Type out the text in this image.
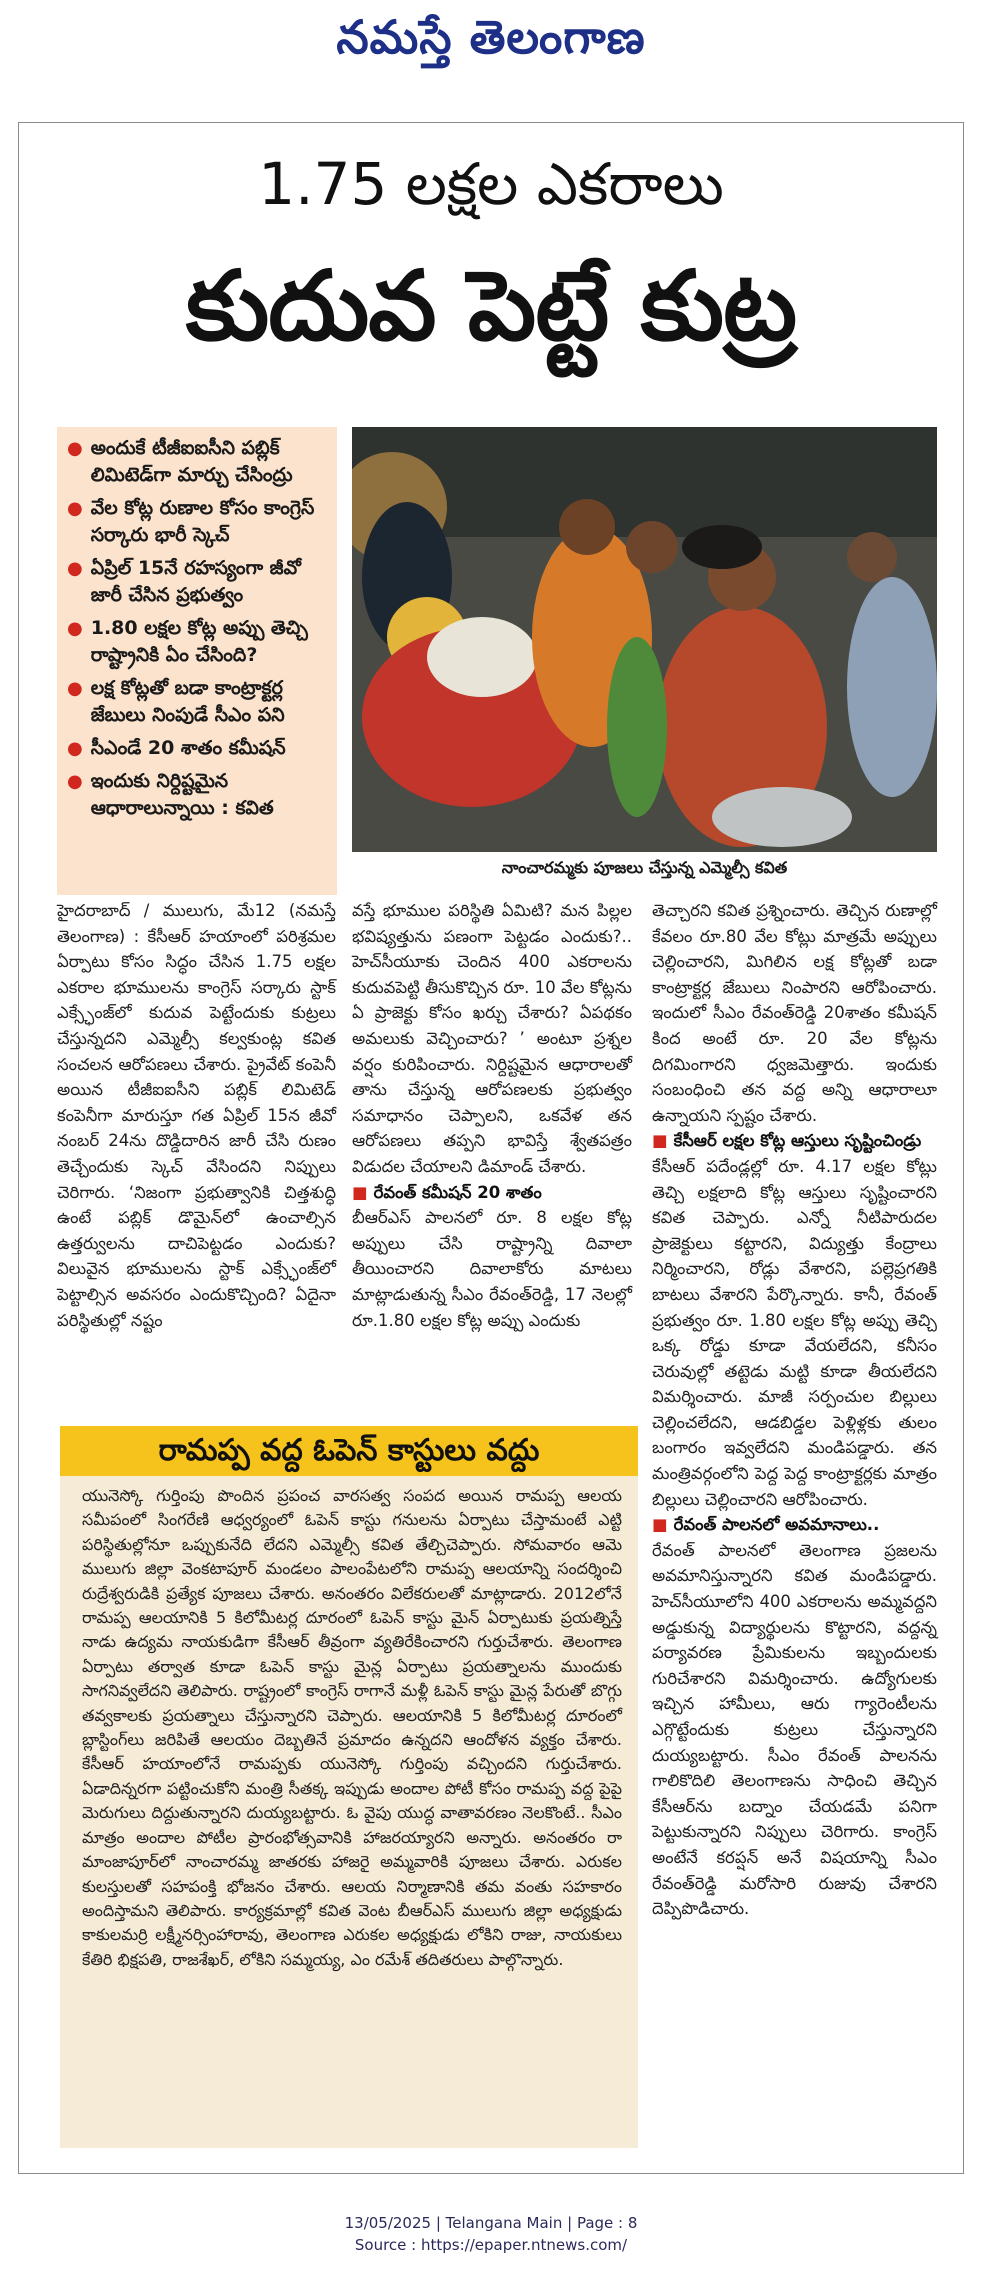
నమస్తే తెలంగాణ
1.75 లక్షల ఎకరాలు
కుదువ పెట్టే కుట్ర
● అందుకే టీజీఐఐసీని పబ్లిక్ లిమిటెడ్‌గా మార్చు చేసింద్రు
● వేల కోట్ల రుణాల కోసం కాంగ్రెస్ సర్కారు భారీ స్కెచ్
● ఏప్రిల్ 15నే రహస్యంగా జీవో జారీ చేసిన ప్రభుత్వం
● 1.80 లక్షల కోట్ల అప్పు తెచ్చి రాష్ట్రానికి ఏం చేసింది?
● లక్ష కోట్లతో బడా కాంట్రాక్టర్ల జేబులు నింపుడే సీఎం పని
● సీఎండే 20 శాతం కమీషన్
● ఇందుకు నిర్దిష్టమైన ఆధారాలున్నాయి : కవిత
నాంచారమ్మకు పూజలు చేస్తున్న ఎమ్మెల్సీ కవిత

హైదరాబాద్ / ములుగు, మే12 (నమస్తే తెలంగాణ) : కేసీఆర్ హయాంలో పరిశ్రమల ఏర్పాటు కోసం సిద్ధం చేసిన 1.75 లక్షల ఎకరాల భూములను కాంగ్రెస్ సర్కారు స్టాక్ ఎక్స్ఛేంజ్‌లో కుదువ పెట్టేందుకు కుట్రలు చేస్తున్నదని ఎమ్మెల్సీ కల్వకుంట్ల కవిత సంచలన ఆరోపణలు చేశారు. ప్రైవేట్ కంపెనీ అయిన టీజీఐఐసీని పబ్లిక్ లిమిటెడ్ కంపెనీగా మారుస్తూ గత ఏప్రిల్ 15న జీవో నంబర్ 24ను దొడ్డిదారిన జారీ చేసి రుణం తెచ్చేందుకు స్కెచ్ వేసిందని నిప్పులు చెరిగారు. ‘నిజంగా ప్రభుత్వానికి చిత్తశుద్ధి ఉంటే పబ్లిక్ డొమైన్‌లో ఉంచాల్సిన ఉత్తర్వులను దాచిపెట్టడం ఎందుకు? విలువైన భూములను స్టాక్ ఎక్స్ఛేంజ్‌లో పెట్టాల్సిన అవసరం ఎందుకొచ్చింది? ఏదైనా పరిస్థితుల్లో నష్టం

వస్తే భూముల పరిస్థితి ఏమిటి? మన పిల్లల భవిష్యత్తును పణంగా పెట్టడం ఎందుకు?.. హెచ్‌సీయూకు చెందిన 400 ఎకరాలను కుదువపెట్టి తీసుకొచ్చిన రూ. 10 వేల కోట్లను ఏ ప్రాజెక్టు కోసం ఖర్చు చేశారు? ఏపథకం అమలుకు వెచ్చించారు? ’ అంటూ ప్రశ్నల వర్షం కురిపించారు. నిర్దిష్టమైన ఆధారాలతో తాను చేస్తున్న ఆరోపణలకు ప్రభుత్వం సమాధానం చెప్పాలని, ఒకవేళ తన ఆరోపణలు తప్పని భావిస్తే శ్వేతపత్రం విడుదల చేయాలని డిమాండ్ చేశారు.

■ రేవంత్ కమీషన్ 20 శాతం

బీఆర్‌ఎస్ పాలనలో రూ. 8 లక్షల కోట్ల అప్పులు చేసి రాష్ట్రాన్ని దివాలా తీయించారని దివాలాకోరు మాటలు మాట్లాడుతున్న సీఎం రేవంత్‌రెడ్డి, 17 నెలల్లో రూ.1.80 లక్షల కోట్ల అప్పు ఎందుకు

తెచ్చారని కవిత ప్రశ్నించారు. తెచ్చిన రుణాల్లో కేవలం రూ.80 వేల కోట్లు మాత్రమే అప్పులు చెల్లించారని, మిగిలిన లక్ష కోట్లతో బడా కాంట్రాక్టర్ల జేబులు నింపారని ఆరోపించారు. ఇందులో సీఎం రేవంత్‌రెడ్డి 20శాతం కమీషన్ కింద అంటే రూ. 20 వేల కోట్లను దిగమింగారని ధ్వజమెత్తారు. ఇందుకు సంబంధించి తన వద్ద అన్ని ఆధారాలూ ఉన్నాయని స్పష్టం చేశారు.

■ కేసీఆర్ లక్షల కోట్ల ఆస్తులు సృష్టించిండ్రు

కేసీఆర్ పదేండ్లల్లో రూ. 4.17 లక్షల కోట్లు తెచ్చి లక్షలాది కోట్ల ఆస్తులు సృష్టించారని కవిత చెప్పారు. ఎన్నో నీటిపారుదల ప్రాజెక్టులు కట్టారని, విద్యుత్తు కేంద్రాలు నిర్మించారని, రోడ్లు వేశారని, పల్లెప్రగతికి బాటలు వేశారని పేర్కొన్నారు. కానీ, రేవంత్ ప్రభుత్వం రూ. 1.80 లక్షల కోట్ల అప్పు తెచ్చి ఒక్క రోడ్డు కూడా వేయలేదని, కనీసం చెరువుల్లో తట్టెడు మట్టి కూడా తీయలేదని విమర్శించారు. మాజీ సర్పంచుల బిల్లులు చెల్లించలేదని, ఆడబిడ్డల పెళ్లిళ్లకు తులం బంగారం ఇవ్వలేదని మండిపడ్డారు. తన మంత్రివర్గంలోని పెద్ద పెద్ద కాంట్రాక్టర్లకు మాత్రం బిల్లులు చెల్లించారని ఆరోపించారు.

■ రేవంత్ పాలనలో అవమానాలు..

రేవంత్ పాలనలో తెలంగాణ ప్రజలను అవమానిస్తున్నారని కవిత మండిపడ్డారు. హెచ్‌సీయూలోని 400 ఎకరాలను అమ్మవద్దని అడ్డుకున్న విద్యార్థులను కొట్టారని, వద్దన్న పర్యావరణ ప్రేమికులను ఇబ్బందులకు గురిచేశారని విమర్శించారు. ఉద్యోగులకు ఇచ్చిన హామీలు, ఆరు గ్యారెంటీలను ఎగ్గొట్టేందుకు కుట్రలు చేస్తున్నారని దుయ్యబట్టారు. సీఎం రేవంత్ పాలనను గాలికొదిలి తెలంగాణను సాధించి తెచ్చిన కేసీఆర్‌ను బద్నాం చేయడమే పనిగా పెట్టుకున్నారని నిప్పులు చెరిగారు. కాంగ్రెస్ అంటేనే కరప్షన్ అనే విషయాన్ని సీఎం రేవంత్‌రెడ్డి మరోసారి రుజువు చేశారని దెప్పిపొడిచారు.

రామప్ప వద్ద ఓపెన్ కాస్టులు వద్దు

యునెస్కో గుర్తింపు పొందిన ప్రపంచ వారసత్వ సంపద అయిన రామప్ప ఆలయ సమీపంలో సింగరేణి ఆధ్వర్యంలో ఓపెన్ కాస్టు గనులను ఏర్పాటు చేస్తామంటే ఎట్టి పరిస్థితుల్లోనూ ఒప్పుకునేది లేదని ఎమ్మెల్సీ కవిత తేల్చిచెప్పారు. సోమవారం ఆమె ములుగు జిల్లా వెంకటాపూర్ మండలం పాలంపేటలోని రామప్ప ఆలయాన్ని సందర్శించి రుద్రేశ్వరుడికి ప్రత్యేక పూజలు చేశారు. అనంతరం విలేకరులతో మాట్లాడారు. 2012లోనే రామప్ప ఆలయానికి 5 కిలోమీటర్ల దూరంలో ఓపెన్ కాస్టు మైన్ ఏర్పాటుకు ప్రయత్నిస్తే నాడు ఉద్యమ నాయకుడిగా కేసీఆర్ తీవ్రంగా వ్యతిరేకించారని గుర్తుచేశారు. తెలంగాణ ఏర్పాటు తర్వాత కూడా ఓపెన్ కాస్టు మైన్ల ఏర్పాటు ప్రయత్నాలను ముందుకు సాగనివ్వలేదని తెలిపారు. రాష్ట్రంలో కాంగ్రెస్ రాగానే మళ్లీ ఓపెన్ కాస్టు మైన్ల పేరుతో బొగ్గు తవ్వకాలకు ప్రయత్నాలు చేస్తున్నారని చెప్పారు. ఆలయానికి 5 కిలోమీటర్ల దూరంలో బ్లాస్టింగ్‌లు జరిపితే ఆలయం దెబ్బతినే ప్రమాదం ఉన్నదని ఆందోళన వ్యక్తం చేశారు. కేసీఆర్ హయాంలోనే రామప్పకు యునెస్కో గుర్తింపు వచ్చిందని గుర్తుచేశారు. ఏడాదిన్నరగా పట్టించుకోని మంత్రి సీతక్క ఇప్పుడు అందాల పోటీ కోసం రామప్ప వద్ద పైపై మెరుగులు దిద్దుతున్నారని దుయ్యబట్టారు. ఓ వైపు యుద్ధ వాతావరణం నెలకొంటే.. సీఎం మాత్రం అందాల పోటీల ప్రారంభోత్సవానికి హాజరయ్యారని అన్నారు. అనంతరం రా మాంజాపూర్‌లో నాంచారమ్మ జాతరకు హాజరై అమ్మవారికి పూజలు చేశారు. ఎరుకల కులస్తులతో సహపంక్తి భోజనం చేశారు. ఆలయ నిర్మాణానికి తమ వంతు సహకారం అందిస్తామని తెలిపారు. కార్యక్రమాల్లో కవిత వెంట బీఆర్‌ఎస్ ములుగు జిల్లా అధ్యక్షుడు కాకులమర్రి లక్ష్మీనర్సింహారావు, తెలంగాణ ఎరుకల అధ్యక్షుడు లోకిని రాజు, నాయకులు కేతిరి భిక్షపతి, రాజశేఖర్, లోకిని సమ్మయ్య, ఎం రమేశ్ తదితరులు పాల్గొన్నారు.

13/05/2025 | Telangana Main | Page : 8
Source : https://epaper.ntnews.com/
